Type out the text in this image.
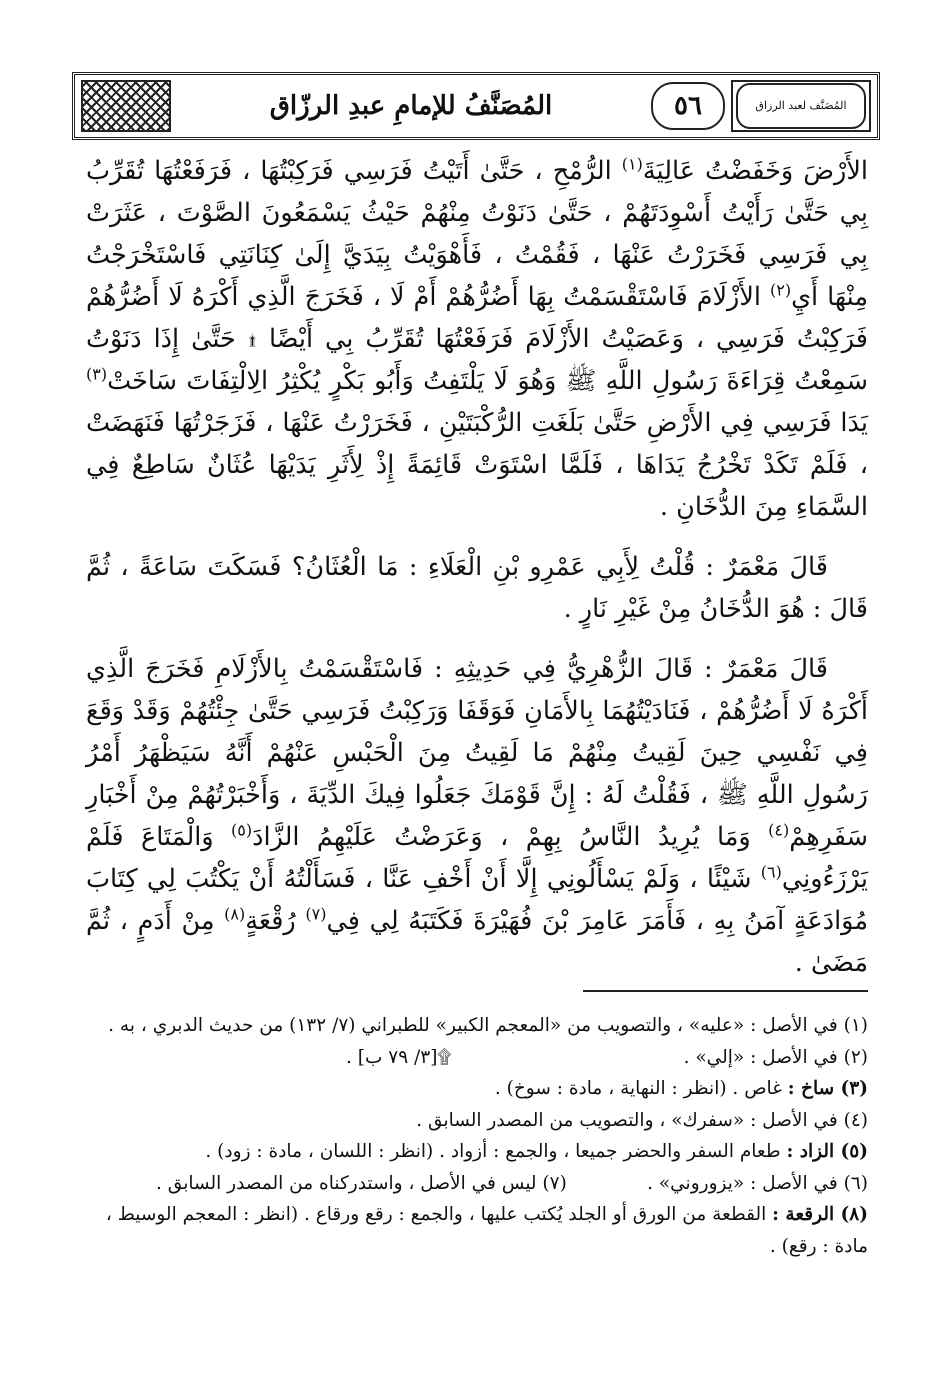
المُصَنَّفُ للإمامِ عبدِ الرزّاق	٥٦	المُصَنَّف لعبد الرزاق

الأَرْضَ وَخَفَضْتُ عَالِيَةَ$^{(١)}$ الرُّمْحِ ، حَتَّىٰ أَتَيْتُ فَرَسِي فَرَكِبْتُهَا ، فَرَفَعْتُهَا تُقَرِّبُ بِي حَتَّىٰ رَأَيْتُ أَسْوِدَتَهُمْ ، حَتَّىٰ دَنَوْتُ مِنْهُمْ حَيْثُ يَسْمَعُونَ الصَّوْتَ ، عَثَرَتْ بِي فَرَسِي فَخَرَرْتُ عَنْهَا ، فَقُمْتُ ، فَأَهْوَيْتُ بِيَدَيَّ إِلَىٰ كِنَانَتِي فَاسْتَخْرَجْتُ مِنْهَا أَيِ$^{(٢)}$ الأَزْلَامَ فَاسْتَقْسَمْتُ بِهَا أَضُرُّهُمْ أَمْ لَا ، فَخَرَجَ الَّذِي أَكْرَهُ لَا أَضُرُّهُمْ فَرَكِبْتُ فَرَسِي ، وَعَصَيْتُ الأَزْلَامَ فَرَفَعْتُهَا تُقَرِّبُ بِي أَيْضًا ۩ حَتَّىٰ إِذَا دَنَوْتُ سَمِعْتُ قِرَاءَةَ رَسُولِ اللَّهِ ﷺ وَهُوَ لَا يَلْتَفِتُ وَأَبُو بَكْرٍ يُكْثِرُ الِالْتِفَاتَ سَاخَتْ$^{(٣)}$ يَدَا فَرَسِي فِي الأَرْضِ حَتَّىٰ بَلَغَتِ الرُّكْبَتَيْنِ ، فَخَرَرْتُ عَنْهَا ، فَزَجَرْتُهَا فَنَهَضَتْ ، فَلَمْ تَكَدْ تَخْرُجُ يَدَاهَا ، فَلَمَّا اسْتَوَتْ قَائِمَةً إِذْ لِأَثَرِ يَدَيْهَا عُثَانٌ سَاطِعٌ فِي السَّمَاءِ مِنَ الدُّخَانِ .

قَالَ مَعْمَرٌ : قُلْتُ لِأَبِي عَمْرِو بْنِ الْعَلَاءِ : مَا الْعُثَانُ؟ فَسَكَتَ سَاعَةً ، ثُمَّ قَالَ : هُوَ الدُّخَانُ مِنْ غَيْرِ نَارٍ .

قَالَ مَعْمَرٌ : قَالَ الزُّهْرِيُّ فِي حَدِيثِهِ : فَاسْتَقْسَمْتُ بِالأَزْلَامِ فَخَرَجَ الَّذِي أَكْرَهُ لَا أَضُرُّهُمْ ، فَنَادَيْتُهُمَا بِالأَمَانِ فَوَقَفَا وَرَكِبْتُ فَرَسِي حَتَّىٰ جِئْتُهُمْ وَقَدْ وَقَعَ فِي نَفْسِي حِينَ لَقِيتُ مِنْهُمْ مَا لَقِيتُ مِنَ الْحَبْسِ عَنْهُمْ أَنَّهُ سَيَظْهَرُ أَمْرُ رَسُولِ اللَّهِ ﷺ ، فَقُلْتُ لَهُ : إِنَّ قَوْمَكَ جَعَلُوا فِيكَ الدِّيَةَ ، وَأَخْبَرْتُهُمْ مِنْ أَخْبَارِ سَفَرِهِمْ$^{(٤)}$ وَمَا يُرِيدُ النَّاسُ بِهِمْ ، وَعَرَضْتُ عَلَيْهِمُ الزَّادَ$^{(٥)}$ وَالْمَتَاعَ فَلَمْ يَرْزَءُونِي$^{(٦)}$ شَيْئًا ، وَلَمْ يَسْأَلُونِي إِلَّا أَنْ أَخْفِ عَنَّا ، فَسَأَلْتُهُ أَنْ يَكْتُبَ لِي كِتَابَ مُوَادَعَةٍ آمَنُ بِهِ ، فَأَمَرَ عَامِرَ بْنَ فُهَيْرَةَ فَكَتَبَهُ لِي فِي$^{(٧)}$ رُقْعَةٍ$^{(٨)}$ مِنْ أَدَمٍ ، ثُمَّ مَضَىٰ .

(١) في الأصل : «عليه» ، والتصويب من «المعجم الكبير» للطبراني (٧/ ١٣٢) من حديث الدبري ، به .

(٢) في الأصل : «إلي» .
۩[٣/ ٧٩ ب] .

(٣) ساخ : غاص . (انظر : النهاية ، مادة : سوخ) .

(٤) في الأصل : «سفرك» ، والتصويب من المصدر السابق .

(٥) الزاد : طعام السفر والحضر جميعا ، والجمع : أزواد . (انظر : اللسان ، مادة : زود) .

(٦) في الأصل : «يزوروني» .
(٧) ليس في الأصل ، واستدركناه من المصدر السابق .

(٨) الرقعة : القطعة من الورق أو الجلد يُكتب عليها ، والجمع : رقع ورقاع . (انظر : المعجم الوسيط ، مادة : رقع) .
